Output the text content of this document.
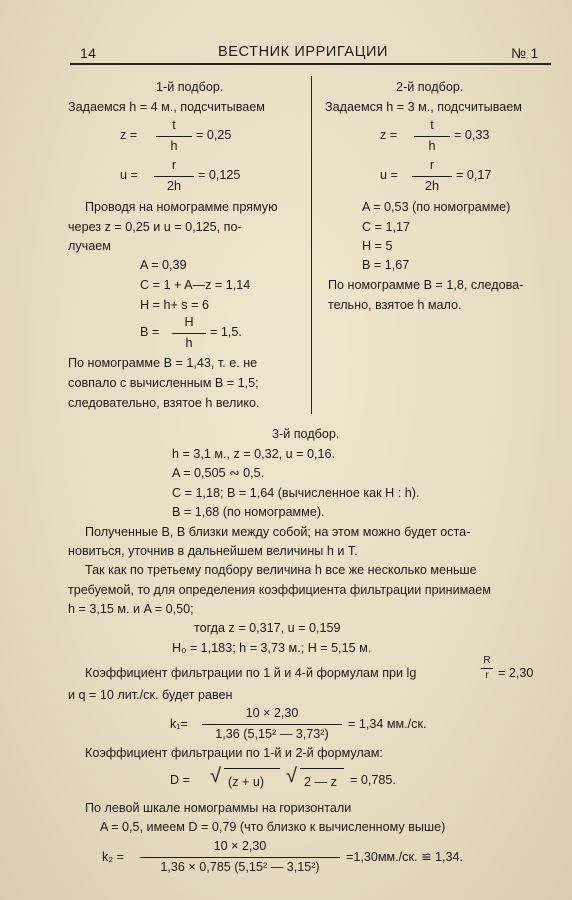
14	ВЕСТНИК ИРРИГАЦИИ	№ 1
1-й подбор.
Задаемся h = 4 м., подсчитываем
z =
t
h
= 0,25
u =
r
2h
= 0,125
Проводя на номограмме прямую
через z = 0,25 и u = 0,125, по-
лучаем
A = 0,39
C = 1 + A—z = 1,14
H = h+ s = 6
B =
H
h
= 1,5.
По номограмме B = 1,43, т. е. не
совпало с вычисленным B = 1,5;
следовательно, взятое h велико.
2-й подбор.
Задаемся h = 3 м., подсчитываем
z =
t
h
= 0,33
u =
r
2h
= 0,17
A = 0,53 (по номограмме)
C = 1,17
H = 5
B = 1,67
По номограмме B = 1,8, следова-
тельно, взятое h мало.
3-й подбор.
h = 3,1 м., z = 0,32, u = 0,16.
A = 0,505 ∾ 0,5.
C = 1,18; B = 1,64 (вычисленное как H : h).
B = 1,68 (по номограмме).
Полученные B, B близки между собой; на этом можно будет оста-
новиться, уточнив в дальнейшем величины h и T.
Так как по третьему подбору величина h все же несколько меньше
требуемой, то для определения коэффициента фильтрации принимаем
h = 3,15 м. и A = 0,50;
тогда z = 0,317, u = 0,159
H₀ = 1,183; h = 3,73 м.; H = 5,15 м.
Коэффициент фильтрации по 1 й и 4-й формулам при lg
R
r = 2,30
и q = 10 лит./ск. будет равен
k₁=
10 × 2,30
1,36 (5,15² — 3,73²)
= 1,34 мм./ск.
Коэффициент фильтрации по 1-й и 2-й формулам:
D = √ (z + u) √ 2 — z = 0,785.
По левой шкале номограммы на горизонтали
A = 0,5, имеем D = 0,79 (что близко к вычисленному выше)
k₂ =
10 × 2,30
1,36 × 0,785 (5,15² — 3,15²)
=1,30мм./ск. ≌ 1,34.
